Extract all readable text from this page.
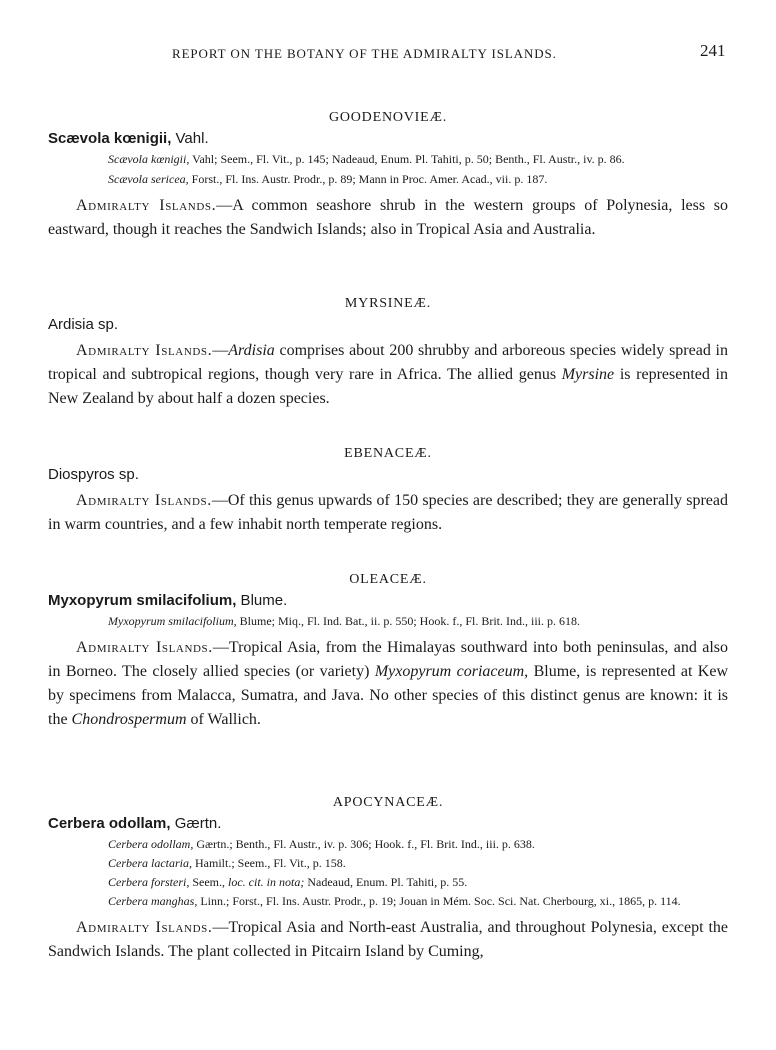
REPORT ON THE BOTANY OF THE ADMIRALTY ISLANDS.	241
GOODENOVIEÆ.
Scævola kœnigii, Vahl.
Scævola kœnigii, Vahl; Seem., Fl. Vit., p. 145; Nadeaud, Enum. Pl. Tahiti, p. 50; Benth., Fl. Austr., iv. p. 86.
Scævola sericea, Forst., Fl. Ins. Austr. Prodr., p. 89; Mann in Proc. Amer. Acad., vii. p. 187.
Admiralty Islands.—A common seashore shrub in the western groups of Polynesia, less so eastward, though it reaches the Sandwich Islands; also in Tropical Asia and Australia.
MYRSINEÆ.
Ardisia sp.
Admiralty Islands.—Ardisia comprises about 200 shrubby and arboreous species widely spread in tropical and subtropical regions, though very rare in Africa. The allied genus Myrsine is represented in New Zealand by about half a dozen species.
EBENACEÆ.
Diospyros sp.
Admiralty Islands.—Of this genus upwards of 150 species are described; they are generally spread in warm countries, and a few inhabit north temperate regions.
OLEACEÆ.
Myxopyrum smilacifolium, Blume.
Myxopyrum smilacifolium, Blume; Miq., Fl. Ind. Bat., ii. p. 550; Hook. f., Fl. Brit. Ind., iii. p. 618.
Admiralty Islands.—Tropical Asia, from the Himalayas southward into both peninsulas, and also in Borneo. The closely allied species (or variety) Myxopyrum coriaceum, Blume, is represented at Kew by specimens from Malacca, Sumatra, and Java. No other species of this distinct genus are known: it is the Chondrospermum of Wallich.
APOCYNACEÆ.
Cerbera odollam, Gærtn.
Cerbera odollam, Gærtn.; Benth., Fl. Austr., iv. p. 306; Hook. f., Fl. Brit. Ind., iii. p. 638.
Cerbera lactaria, Hamilt.; Seem., Fl. Vit., p. 158.
Cerbera forsteri, Seem., loc. cit. in nota; Nadeaud, Enum. Pl. Tahiti, p. 55.
Cerbera manghas, Linn.; Forst., Fl. Ins. Austr. Prodr., p. 19; Jouan in Mém. Soc. Sci. Nat. Cherbourg, xi., 1865, p. 114.
Admiralty Islands.—Tropical Asia and North-east Australia, and throughout Polynesia, except the Sandwich Islands. The plant collected in Pitcairn Island by Cuming,
